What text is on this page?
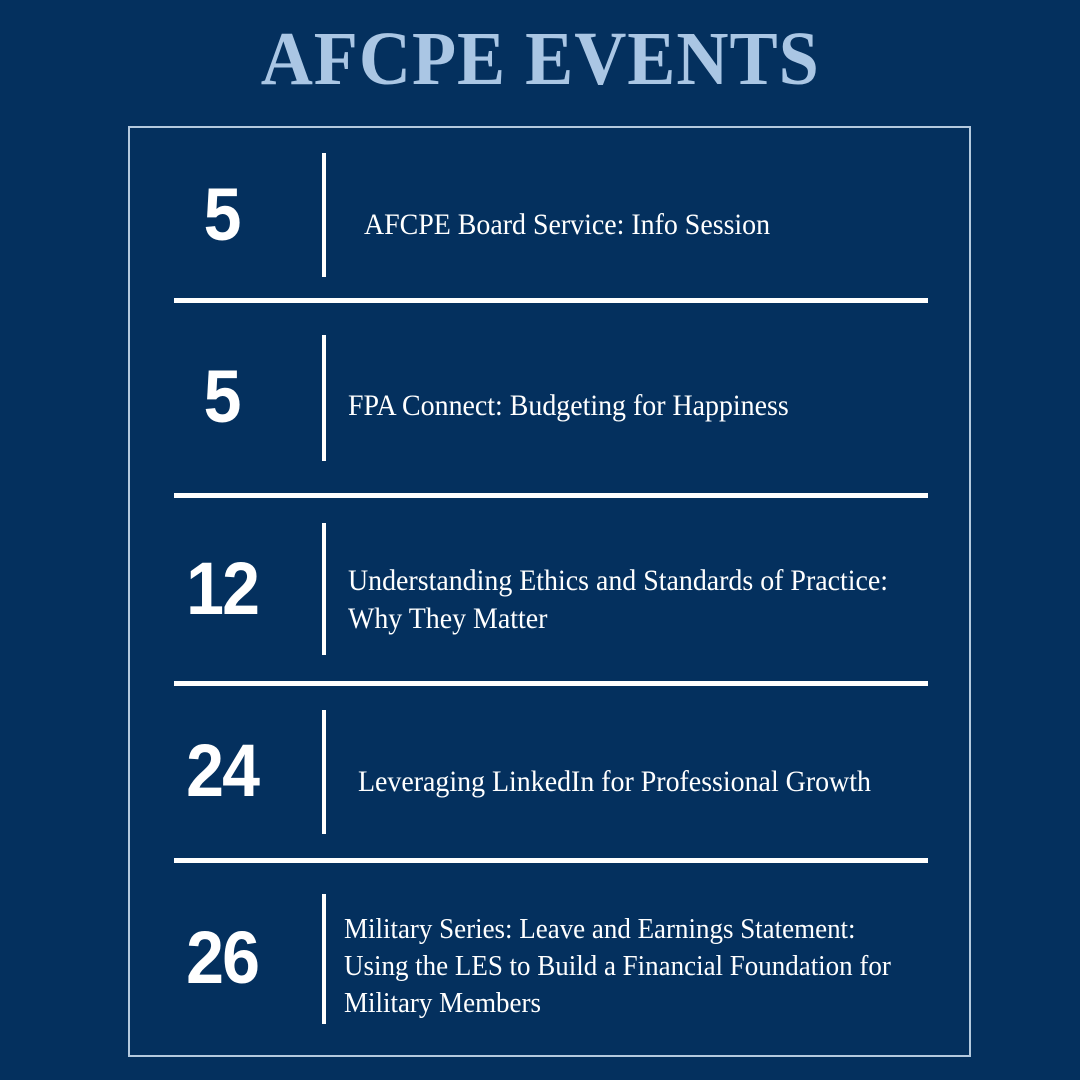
AFCPE EVENTS
5	AFCPE Board Service: Info Session
5	FPA Connect: Budgeting for Happiness
12	Understanding Ethics and Standards of Practice: Why They Matter
24	Leveraging LinkedIn for Professional Growth
26	Military Series: Leave and Earnings Statement: Using the LES to Build a Financial Foundation for Military Members
